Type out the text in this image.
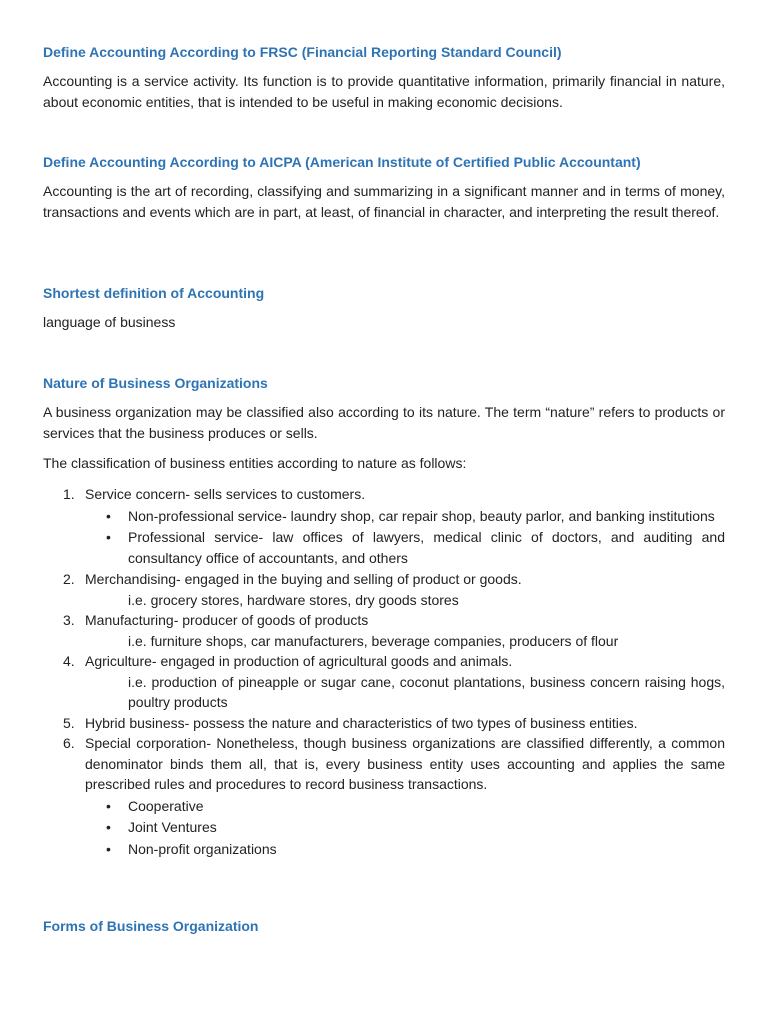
Define Accounting According to FRSC (Financial Reporting Standard Council)

Accounting is a service activity. Its function is to provide quantitative information, primarily financial in nature, about economic entities, that is intended to be useful in making economic decisions.

Define Accounting According to AICPA (American Institute of Certified Public Accountant)

Accounting is the art of recording, classifying and summarizing in a significant manner and in terms of money, transactions and events which are in part, at least, of financial in character, and interpreting the result thereof.

Shortest definition of Accounting

language of business

Nature of Business Organizations

A business organization may be classified also according to its nature. The term “nature” refers to products or services that the business produces or sells.

The classification of business entities according to nature as follows:

1. Service concern- sells services to customers.
• Non-professional service- laundry shop, car repair shop, beauty parlor, and banking institutions
• Professional service- law offices of lawyers, medical clinic of doctors, and auditing and consultancy office of accountants, and others
2. Merchandising- engaged in the buying and selling of product or goods.
i.e. grocery stores, hardware stores, dry goods stores
3. Manufacturing- producer of goods of products
i.e. furniture shops, car manufacturers, beverage companies, producers of flour
4. Agriculture- engaged in production of agricultural goods and animals.
i.e. production of pineapple or sugar cane, coconut plantations, business concern raising hogs, poultry products
5. Hybrid business- possess the nature and characteristics of two types of business entities.
6. Special corporation- Nonetheless, though business organizations are classified differently, a common denominator binds them all, that is, every business entity uses accounting and applies the same prescribed rules and procedures to record business transactions.
• Cooperative
• Joint Ventures
• Non-profit organizations
Forms of Business Organization
